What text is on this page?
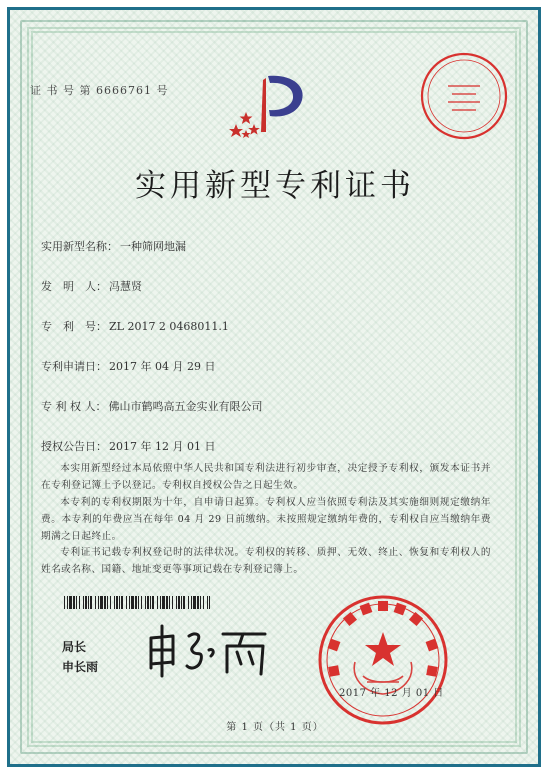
证 书 号 第 6666761 号
实用新型专利证书
实用新型名称： 一种筛网地漏
发　明　人： 冯慧贤
专　利　号： ZL 2017 2 0468011.1
专利申请日： 2017 年 04 月 29 日
专 利 权 人： 佛山市鹤鸣高五金实业有限公司
授权公告日： 2017 年 12 月 01 日
本实用新型经过本局依照中华人民共和国专利法进行初步审查，决定授予专利权，颁发本证书并在专利登记簿上予以登记。专利权自授权公告之日起生效。
本专利的专利权期限为十年，自申请日起算。专利权人应当依照专利法及其实施细则规定缴纳年费。本专利的年费应当在每年 04 月 29 日前缴纳。未按照规定缴纳年费的，专利权自应当缴纳年费期满之日起终止。
专利证书记载专利权登记时的法律状况。专利权的转移、质押、无效、终止、恢复和专利权人的姓名或名称、国籍、地址变更等事项记载在专利登记簿上。
局长
申长雨
2017 年 12 月 01 日
第 1 页（共 1 页）
